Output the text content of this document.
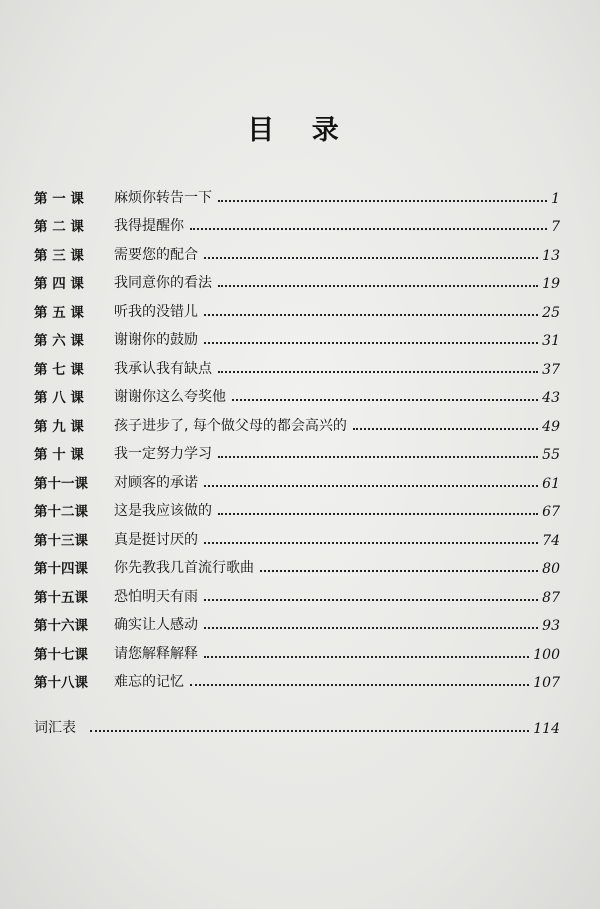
目 录
第 一 课	麻烦你转告一下	1
第 二 课	我得提醒你	7
第 三 课	需要您的配合	13
第 四 课	我同意你的看法	19
第 五 课	听我的没错儿	25
第 六 课	谢谢你的鼓励	31
第 七 课	我承认我有缺点	37
第 八 课	谢谢你这么夸奖他	43
第 九 课	孩子进步了, 每个做父母的都会高兴的	49
第 十 课	我一定努力学习	55
第十一课	对顾客的承诺	61
第十二课	这是我应该做的	67
第十三课	真是挺讨厌的	74
第十四课	你先教我几首流行歌曲	80
第十五课	恐怕明天有雨	87
第十六课	确实让人感动	93
第十七课	请您解释解释	100
第十八课	难忘的记忆	107
词汇表	114
